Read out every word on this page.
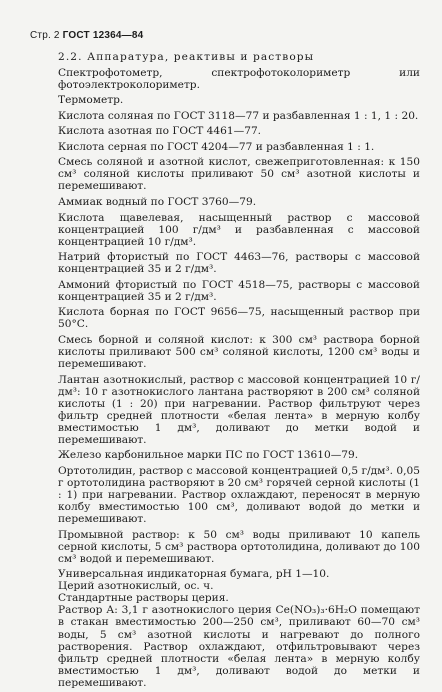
Стр. 2 ГОСТ 12364—84

2.2. Аппаратура, реактивы и растворы

Спектрофотометр, спектрофотоколориметр или фотоэлектроколориметр.

Термометр.

Кислота соляная по ГОСТ 3118—77 и разбавленная 1 : 1, 1 : 20.

Кислота азотная по ГОСТ 4461—77.

Кислота серная по ГОСТ 4204—77 и разбавленная 1 : 1.

Смесь соляной и азотной кислот, свежеприготовленная: к 150 см³ соляной кислоты приливают 50 см³ азотной кислоты и перемешивают.

Аммиак водный по ГОСТ 3760—79.

Кислота щавелевая, насыщенный раствор с массовой концентрацией 100 г/дм³ и разбавленная с массовой концентрацией 10 г/дм³.

Натрий фтористый по ГОСТ 4463—76, растворы с массовой концентрацией 35 и 2 г/дм³.

Аммоний фтористый по ГОСТ 4518—75, растворы с массовой концентрацией 35 и 2 г/дм³.

Кислота борная по ГОСТ 9656—75, насыщенный раствор при 50°С.

Смесь борной и соляной кислот: к 300 см³ раствора борной кислоты приливают 500 см³ соляной кислоты, 1200 см³ воды и перемешивают.

Лантан азотнокислый, раствор с массовой концентрацией 10 г/дм³: 10 г азотнокислого лантана растворяют в 200 см³ соляной кислоты (1 : 20) при нагревании. Раствор фильтруют через фильтр средней плотности «белая лента» в мерную колбу вместимостью 1 дм³, доливают до метки водой и перемешивают.

Железо карбонильное марки ПС по ГОСТ 13610—79.

Ортотолидин, раствор с массовой концентрацией 0,5 г/дм³. 0,05 г ортотолидина растворяют в 20 см³ горячей серной кислоты (1 : 1) при нагревании. Раствор охлаждают, переносят в мерную колбу вместимостью 100 см³, доливают водой до метки и перемешивают.

Промывной раствор: к 50 см³ воды приливают 10 капель серной кислоты, 5 см³ раствора ортотолидина, доливают до 100 см³ водой и перемешивают.

Универсальная индикаторная бумага, pH 1—10.

Церий азотнокислый, ос. ч.

Стандартные растворы церия.

Раствор А: 3,1 г азотнокислого церия Ce(NO₃)₃·6H₂O помещают в стакан вместимостью 200—250 см³, приливают 60—70 см³ воды, 5 см³ азотной кислоты и нагревают до полного растворения. Раствор охлаждают, отфильтровывают через фильтр средней плотности «белая лента» в мерную колбу вместимостью 1 дм³, доливают водой до метки и перемешивают.
